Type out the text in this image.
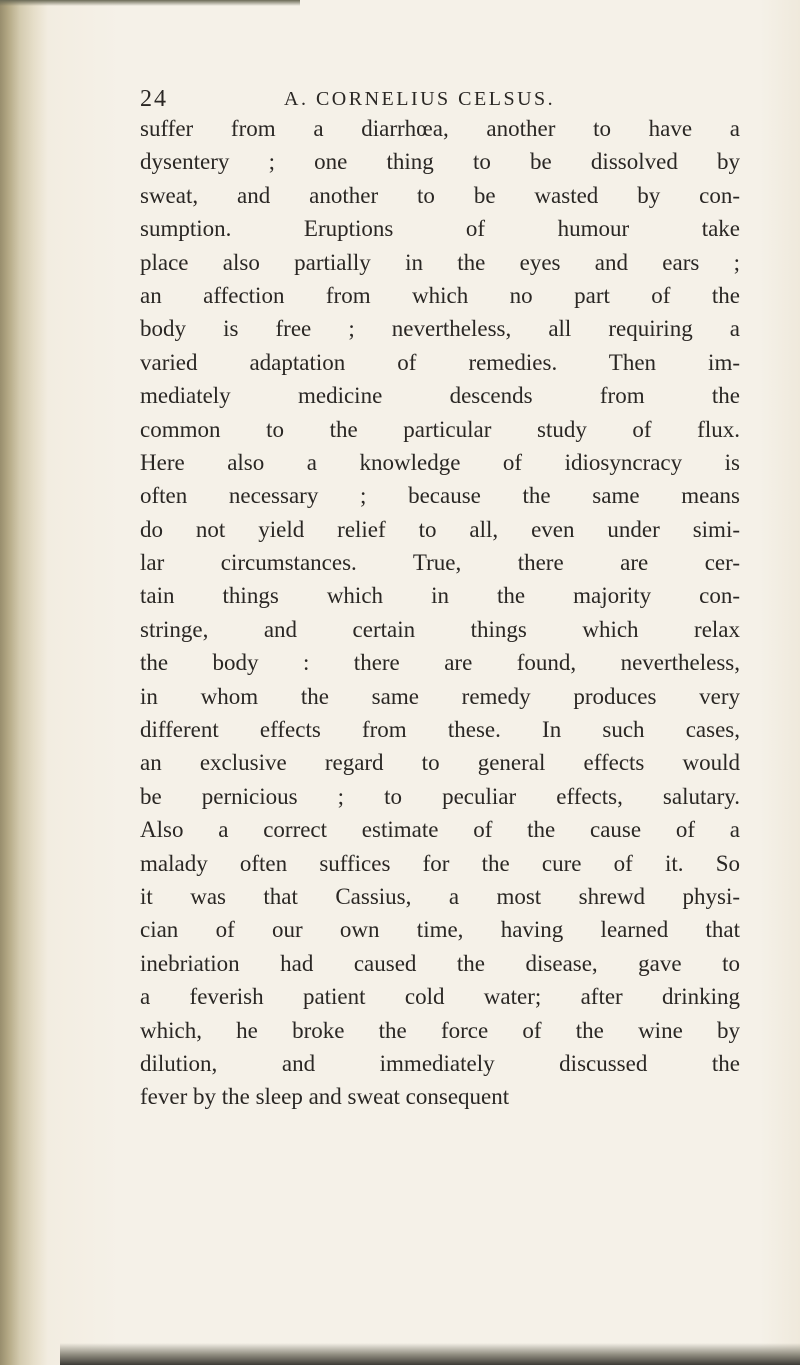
24	A. CORNELIUS CELSUS.
suffer from a diarrhœa, another to have a
dysentery ; one thing to be dissolved by
sweat, and another to be wasted by con-
sumption. Eruptions of humour take
place also partially in the eyes and ears ;
an affection from which no part of the
body is free ; nevertheless, all requiring a
varied adaptation of remedies. Then im-
mediately medicine descends from the
common to the particular study of flux.
Here also a knowledge of idiosyncracy is
often necessary ; because the same means
do not yield relief to all, even under simi-
lar circumstances. True, there are cer-
tain things which in the majority con-
stringe, and certain things which relax
the body : there are found, nevertheless,
in whom the same remedy produces very
different effects from these. In such cases,
an exclusive regard to general effects would
be pernicious ; to peculiar effects, salutary.
Also a correct estimate of the cause of a
malady often suffices for the cure of it. So
it was that Cassius, a most shrewd physi-
cian of our own time, having learned that
inebriation had caused the disease, gave to
a feverish patient cold water; after drinking
which, he broke the force of the wine by
dilution, and immediately discussed the
fever by the sleep and sweat consequent
